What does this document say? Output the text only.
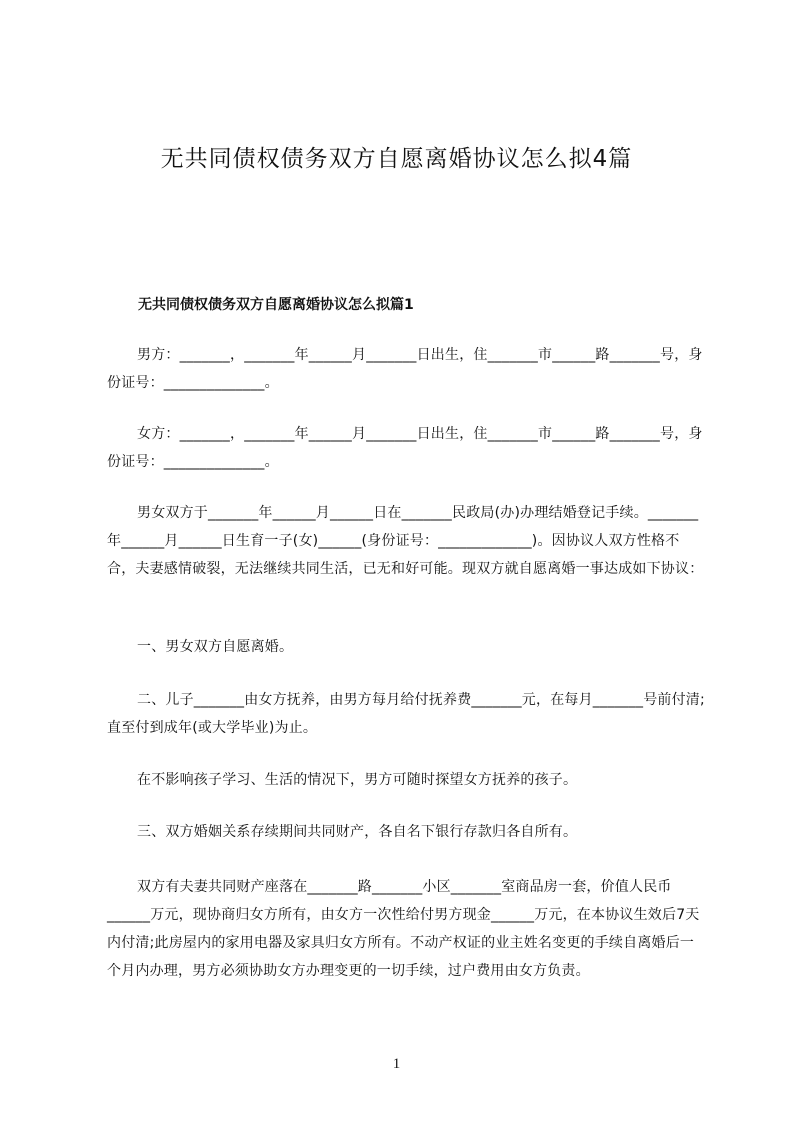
无共同债权债务双方自愿离婚协议怎么拟4篇
无共同债权债务双方自愿离婚协议怎么拟篇1

男方：_______，_______年______月_______日出生，住_______市______路_______号，身份证号：______________。

女方：_______，_______年______月_______日出生，住_______市______路_______号，身份证号：______________。

男女双方于_______年______月______日在_______民政局(办)办理结婚登记手续。_______年______月______日生育一子(女)______(身份证号：_____________)。因协议人双方性格不合，夫妻感情破裂，无法继续共同生活，已无和好可能。现双方就自愿离婚一事达成如下协议：

一、男女双方自愿离婚。

二、儿子_______由女方抚养，由男方每月给付抚养费_______元，在每月_______号前付清;直至付到成年(或大学毕业)为止。

在不影响孩子学习、生活的情况下，男方可随时探望女方抚养的孩子。

三、双方婚姻关系存续期间共同财产，各自名下银行存款归各自所有。

双方有夫妻共同财产座落在_______路_______小区_______室商品房一套，价值人民币______万元，现协商归女方所有，由女方一次性给付男方现金______万元，在本协议生效后7天内付清;此房屋内的家用电器及家具归女方所有。不动产权证的业主姓名变更的手续自离婚后一个月内办理，男方必须协助女方办理变更的一切手续，过户费用由女方负责。

1
